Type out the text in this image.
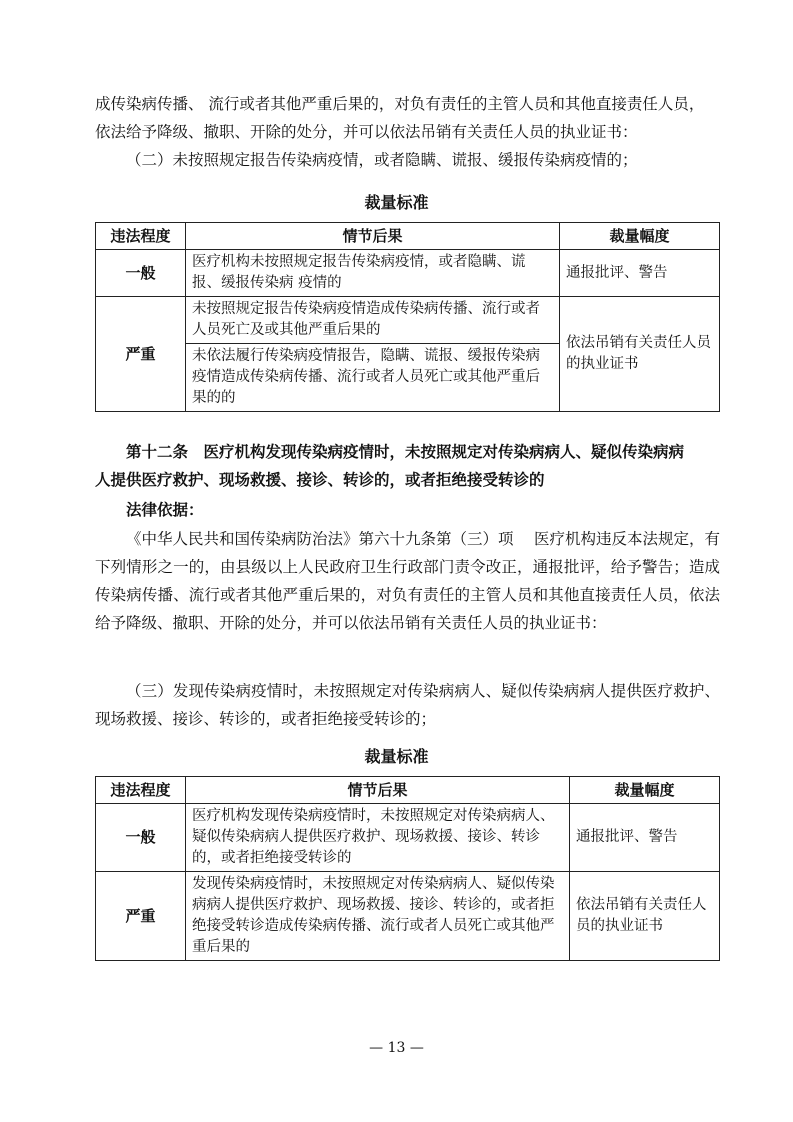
成传染病传播、 流行或者其他严重后果的，对负有责任的主管人员和其他直接责任人员，

依法给予降级、撤职、开除的处分，并可以依法吊销有关责任人员的执业证书：

（二）未按照规定报告传染病疫情，或者隐瞒、谎报、缓报传染病疫情的；

裁量标准
违法程度	情节后果	裁量幅度
一般	医疗机构未按照规定报告传染病疫情，或者隐瞒、谎报、缓报传染病 疫情的	通报批评、警告
严重	未按照规定报告传染病疫情造成传染病传播、流行或者人员死亡及或其他严重后果的	依法吊销有关责任人员的执业证书
	未依法履行传染病疫情报告，隐瞒、谎报、缓报传染病疫情造成传染病传播、流行或者人员死亡或其他严重后果的的	

第十二条　医疗机构发现传染病疫情时，未按照规定对传染病病人、疑似传染病病

人提供医疗救护、现场救援、接诊、转诊的，或者拒绝接受转诊的

法律依据：

《中华人民共和国传染病防治法》第六十九条第（三）项　 医疗机构违反本法规定，有下列情形之一的，由县级以上人民政府卫生行政部门责令改正，通报批评，给予警告；造成传染病传播、流行或者其他严重后果的，对负有责任的主管人员和其他直接责任人员，依法给予降级、撤职、开除的处分，并可以依法吊销有关责任人员的执业证书：

（三）发现传染病疫情时，未按照规定对传染病病人、疑似传染病病人提供医疗救护、现场救援、接诊、转诊的，或者拒绝接受转诊的；

裁量标准
违法程度	情节后果	裁量幅度
一般	医疗机构发现传染病疫情时，未按照规定对传染病病人、疑似传染病病人提供医疗救护、现场救援、接诊、转诊的，或者拒绝接受转诊的	通报批评、警告
严重	发现传染病疫情时，未按照规定对传染病病人、疑似传染病病人提供医疗救护、现场救援、接诊、转诊的，或者拒绝接受转诊造成传染病传播、流行或者人员死亡或其他严重后果的	依法吊销有关责任人员的执业证书
— 13 —
